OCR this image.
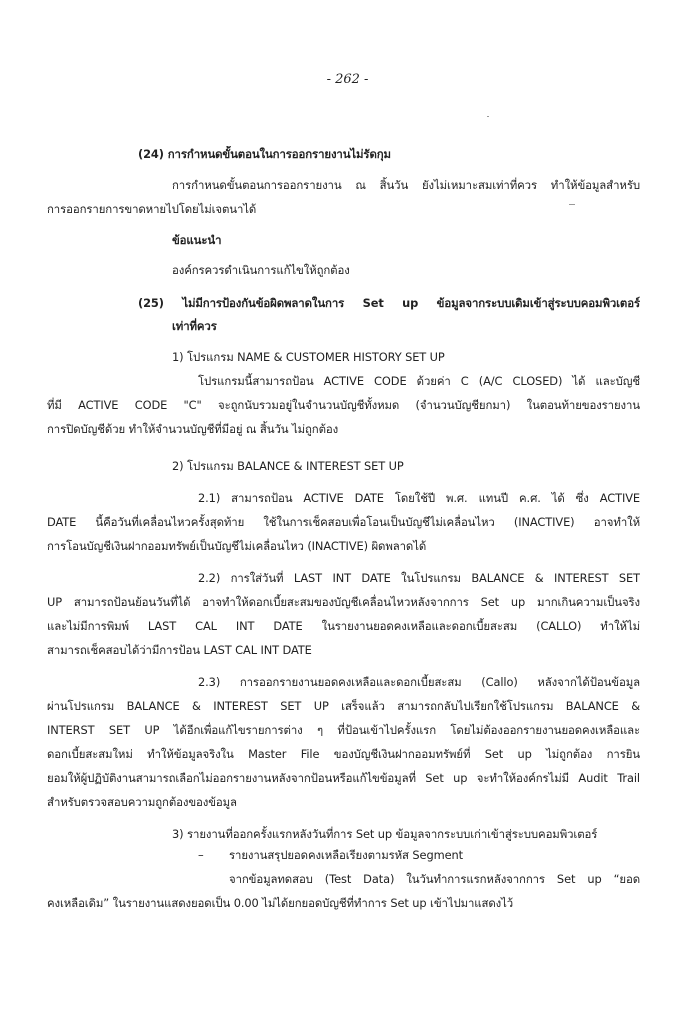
- 262 -

(24) การกำหนดขั้นตอนในการออกรายงานไม่รัดกุม

การกำหนดขั้นตอนการออกรายงาน ณ สิ้นวัน ยังไม่เหมาะสมเท่าที่ควร ทำให้ข้อมูลสำหรับ

การออกรายการขาดหายไปโดยไม่เจตนาได้

ข้อแนะนำ

องค์กรควรดำเนินการแก้ไขให้ถูกต้อง

(25) ไม่มีการป้องกันข้อผิดพลาดในการ Set up ข้อมูลจากระบบเดิมเข้าสู่ระบบคอมพิวเตอร์

เท่าที่ควร

1) โปรแกรม NAME & CUSTOMER HISTORY SET UP

โปรแกรมนี้สามารถป้อน ACTIVE CODE ด้วยค่า C (A/C CLOSED) ได้ และบัญชี

ที่มี ACTIVE CODE "C" จะถูกนับรวมอยู่ในจำนวนบัญชีทั้งหมด (จำนวนบัญชียกมา) ในตอนท้ายของรายงาน

การปิดบัญชีด้วย ทำให้จำนวนบัญชีที่มีอยู่ ณ สิ้นวัน ไม่ถูกต้อง

2) โปรแกรม BALANCE & INTEREST SET UP

2.1) สามารถป้อน ACTIVE DATE โดยใช้ปี พ.ศ. แทนปี ค.ศ. ได้ ซึ่ง ACTIVE

DATE นี้คือวันที่เคลื่อนไหวครั้งสุดท้าย ใช้ในการเช็คสอบเพื่อโอนเป็นบัญชีไม่เคลื่อนไหว (INACTIVE) อาจทำให้

การโอนบัญชีเงินฝากออมทรัพย์เป็นบัญชีไม่เคลื่อนไหว (INACTIVE) ผิดพลาดได้

2.2) การใส่วันที่ LAST INT DATE ในโปรแกรม BALANCE & INTEREST SET

UP สามารถป้อนย้อนวันที่ได้ อาจทำให้ดอกเบี้ยสะสมของบัญชีเคลื่อนไหวหลังจากการ Set up มากเกินความเป็นจริง

และไม่มีการพิมพ์ LAST CAL INT DATE ในรายงานยอดคงเหลือและดอกเบี้ยสะสม (CALLO) ทำให้ไม่

สามารถเช็คสอบได้ว่ามีการป้อน LAST CAL INT DATE

2.3) การออกรายงานยอดคงเหลือและดอกเบี้ยสะสม (Callo) หลังจากได้ป้อนข้อมูล

ผ่านโปรแกรม BALANCE & INTEREST SET UP เสร็จแล้ว สามารถกลับไปเรียกใช้โปรแกรม BALANCE &

INTERST SET UP ได้อีกเพื่อแก้ไขรายการต่าง ๆ ที่ป้อนเข้าไปครั้งแรก โดยไม่ต้องออกรายงานยอดคงเหลือและ

ดอกเบี้ยสะสมใหม่ ทำให้ข้อมูลจริงใน Master File ของบัญชีเงินฝากออมทรัพย์ที่ Set up ไม่ถูกต้อง การยิน

ยอมให้ผู้ปฏิบัติงานสามารถเลือกไม่ออกรายงานหลังจากป้อนหรือแก้ไขข้อมูลที่ Set up จะทำให้องค์กรไม่มี Audit Trail

สำหรับตรวจสอบความถูกต้องของข้อมูล

3) รายงานที่ออกครั้งแรกหลังวันที่การ Set up ข้อมูลจากระบบเก่าเข้าสู่ระบบคอมพิวเตอร์

– รายงานสรุปยอดคงเหลือเรียงตามรหัส Segment

จากข้อมูลทดสอบ (Test Data) ในวันทำการแรกหลังจากการ Set up “ยอด

คงเหลือเดิม” ในรายงานแสดงยอดเป็น 0.00 ไม่ได้ยกยอดบัญชีที่ทำการ Set up เข้าไปมาแสดงไว้
